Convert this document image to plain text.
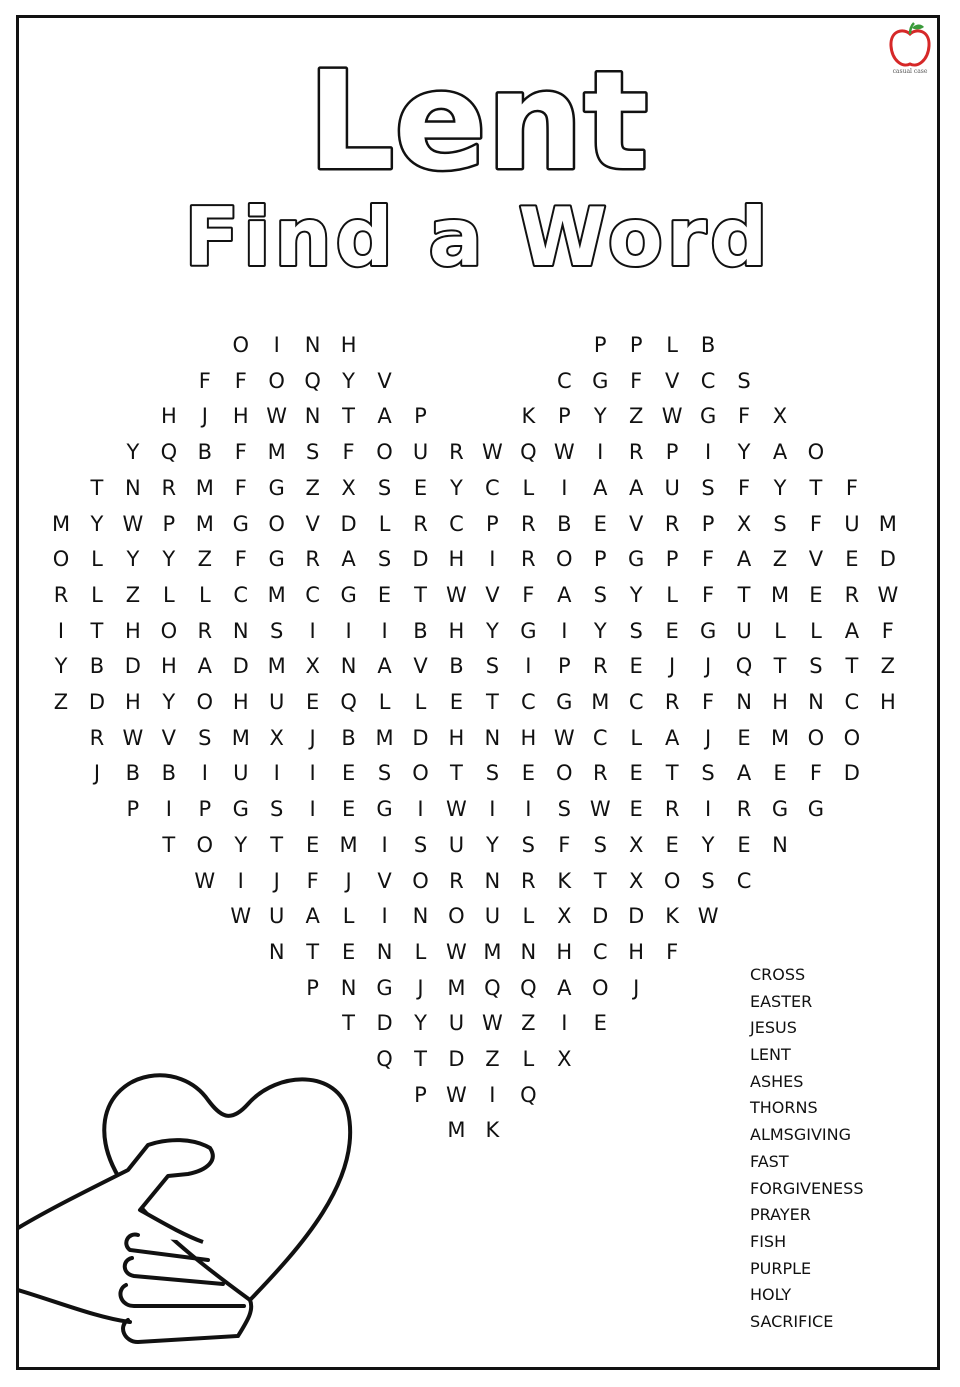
casual case
Lent
Find a Word
O	I	N H	P	P	L	B
F	F	O Q	Y	V	C G	F	V	C	S
H	J	H W N	T	A	P	K	P	Y	Z W G	F	X
Y	Q B	F M S	F	O U R W Q W	I	R	P	I	Y	A O
T	N R M F	G Z	X	S	E	Y	C	L	I	A	A	U	S	F	Y	T	F
M Y W P M G O V D	L	R	C	P	R	B	E	V	R	P	X	S	F	U M
O	L	Y	Y	Z	F	G R	A	S	D H	I	R O	P	G	P	F	A	Z	V	E	D
R	L	Z	L	L	C M C G	E	T W V	F	A	S	Y	L	F	T M E	R W
I	T	H O R N	S	I	I	I	B H	Y	G	I	Y	S	E	G U	L	L	A	F
Y	B D H A D M X N A	V	B	S	I	P	R	E	J	J	Q	T	S	T	Z
Z D H	Y	O H U	E	Q	L	L	E	T	C G M C	R	F	N H N C H
R W V	S M X	J	B M D H N H W C	L	A	J	E M O O
J	B	B	I	U	I	I	E	S	O	T	S	E	O R	E	T	S	A	E	F	D
P	I	P	G	S	I	E	G	I	W	I	I	S W E	R	I	R G G
T	O	Y	T	E M	I	S	U	Y	S	F	S	X	E	Y	E	N
W	I	J	F	J	V O R N R	K	T	X O	S	C
W U	A	L	I	N O U	L	X D D K W
N	T	E	N	L W M N H C H	F
P	N G	J	M Q Q A O	J
T	D	Y	U W Z	I	E
Q	T	D Z	L	X
P W	I	Q
M K
CROSS
EASTER
JESUS
LENT
ASHES
THORNS
ALMSGIVING
FAST
FORGIVENESS
PRAYER
FISH
PURPLE
HOLY
SACRIFICE
